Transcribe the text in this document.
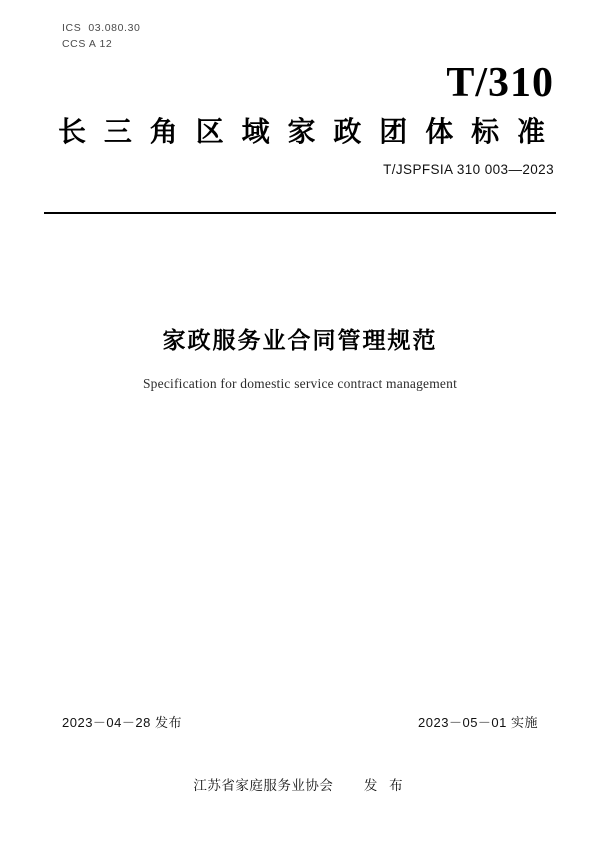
ICS  03.080.30
CCS A 12
T/310
长三角区域家政团体标准
T/JSPFSIA 310 003—2023
家政服务业合同管理规范
Specification for domestic service contract management
2023－04－28 发布	2023－05－01 实施
江苏省家庭服务业协会 发 布
